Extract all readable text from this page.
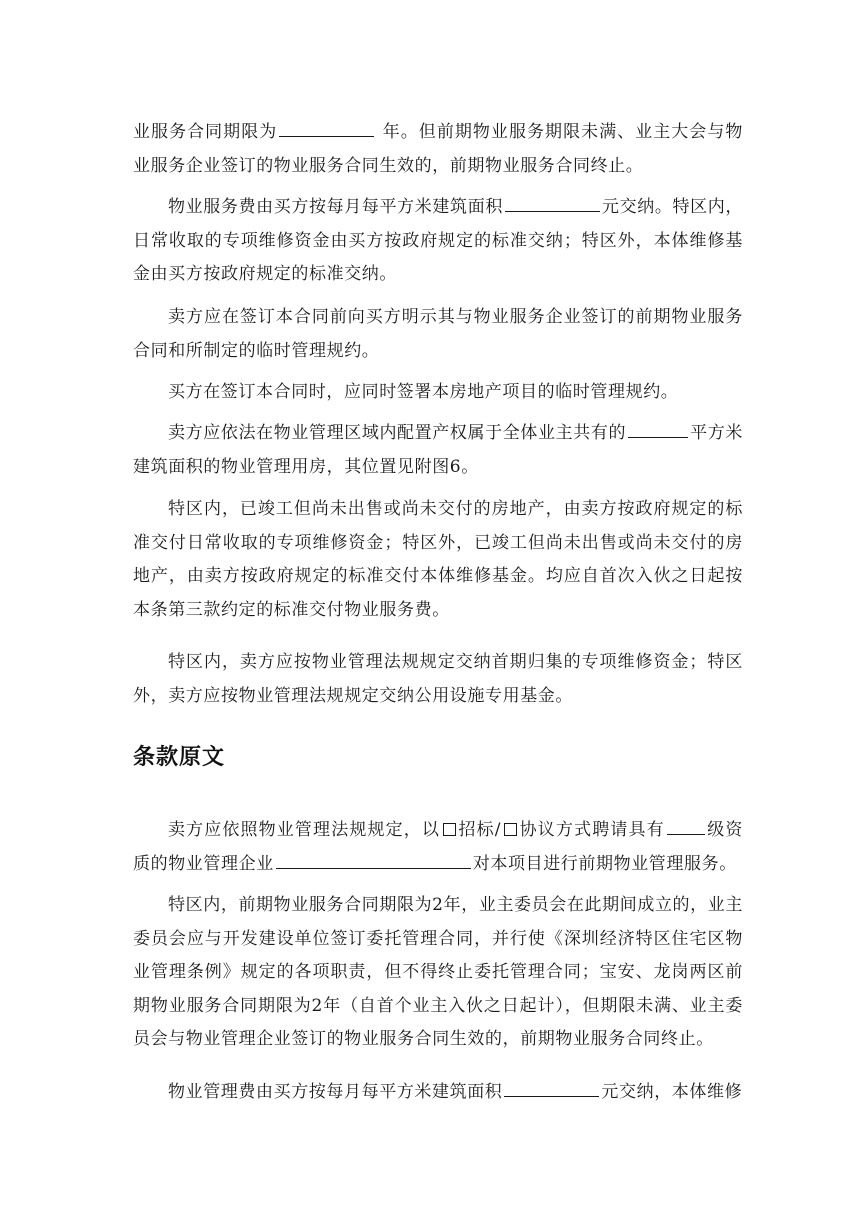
业服务合同期限为	年。但前期物业服务期限未满、业主大会与物业服务企业签订的物业服务合同生效的，前期物业服务合同终止。

物业服务费由买方按每月每平方米建筑面积	元交纳。特区内，日常收取的专项维修资金由买方按政府规定的标准交纳；特区外，本体维修基金由买方按政府规定的标准交纳。

卖方应在签订本合同前向买方明示其与物业服务企业签订的前期物业服务合同和所制定的临时管理规约。

买方在签订本合同时，应同时签署本房地产项目的临时管理规约。

卖方应依法在物业管理区域内配置产权属于全体业主共有的	平方米建筑面积的物业管理用房，其位置见附图6。

特区内，已竣工但尚未出售或尚未交付的房地产，由卖方按政府规定的标准交付日常收取的专项维修资金；特区外，已竣工但尚未出售或尚未交付的房地产，由卖方按政府规定的标准交付本体维修基金。均应自首次入伙之日起按本条第三款约定的标准交付物业服务费。

特区内，卖方应按物业管理法规规定交纳首期归集的专项维修资金；特区外，卖方应按物业管理法规规定交纳公用设施专用基金。

条款原文

卖方应依照物业管理法规规定，以 招标/ 协议方式聘请具有 级资质的物业管理企业	对本项目进行前期物业管理服务。

特区内，前期物业服务合同期限为2年，业主委员会在此期间成立的，业主委员会应与开发建设单位签订委托管理合同，并行使《深圳经济特区住宅区物业管理条例》规定的各项职责，但不得终止委托管理合同；宝安、龙岗两区前期物业服务合同期限为2年（自首个业主入伙之日起计），但期限未满、业主委员会与物业管理企业签订的物业服务合同生效的，前期物业服务合同终止。

物业管理费由买方按每月每平方米建筑面积	元交纳，本体维修
